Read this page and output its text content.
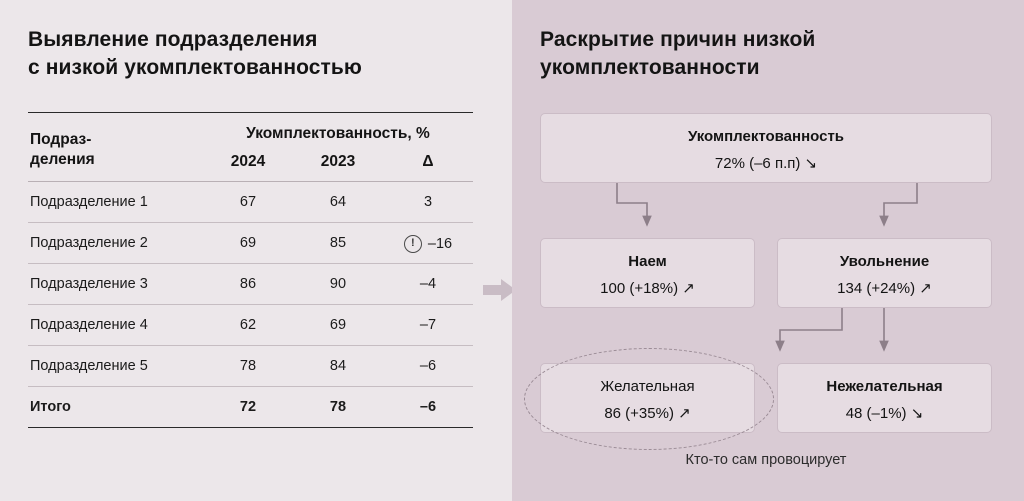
Выявление подразделения
с низкой укомплектованностью

Подраз-
деления	Укомплектованность, %		
	2024	2023	Δ

Подразделение 1	67	64	3
Подразделение 2	69	85	! –16

Подразделение 3	86	90	–4
Подразделение 4	62	69	–7
Подразделение 5	78	84	–6
Итого	72	78	–6
Раскрытие причин низкой
укомплектованности
Укомплектованность
72% (–6 п.п) ↘
Наем
100 (+18%) ↗
Увольнение
134 (+24%) ↗
Желательная
86 (+35%) ↗
Нежелательная
48 (–1%) ↘
Кто-то сам провоцирует
